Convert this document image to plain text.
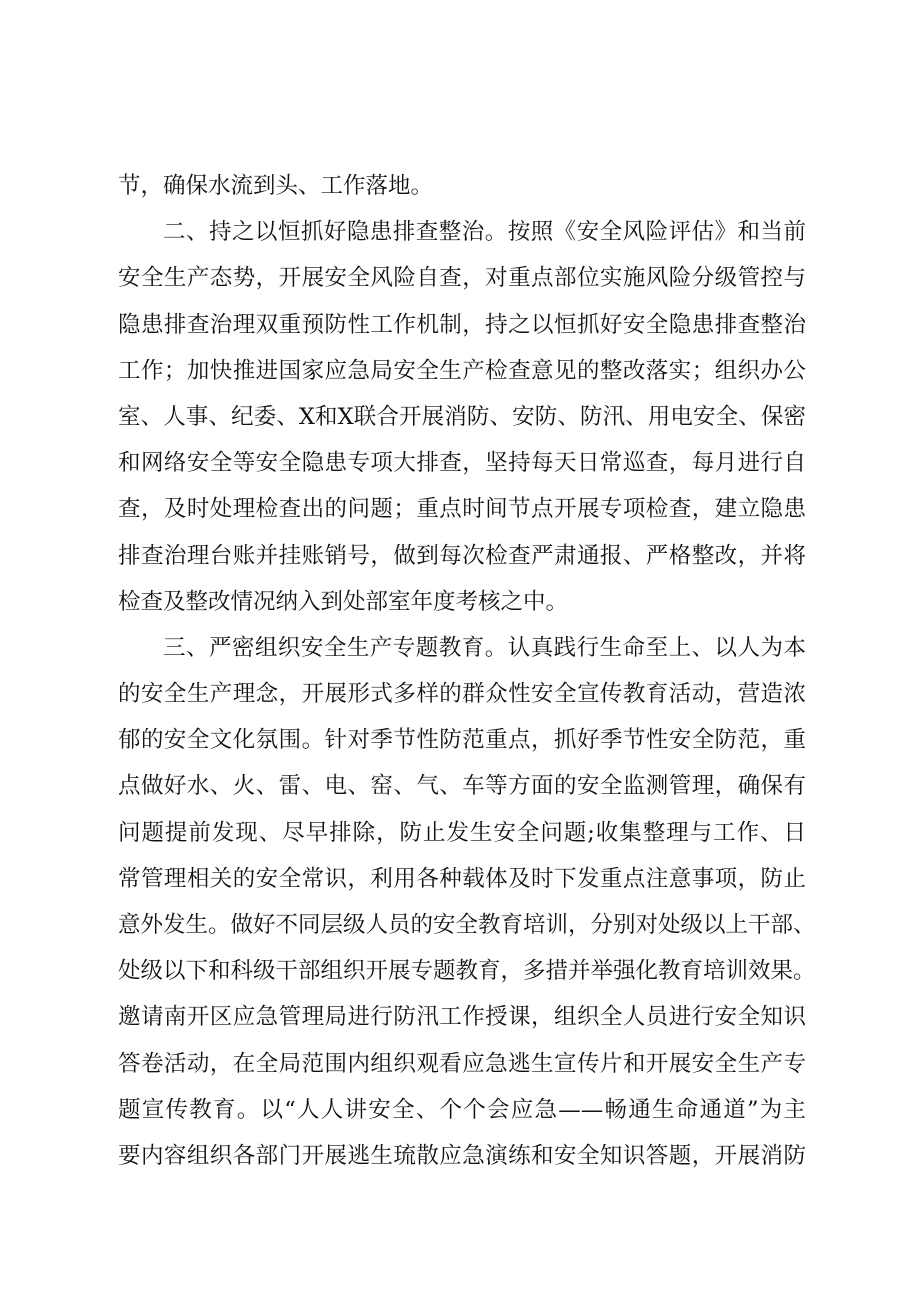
节，确保水流到头、工作落地。
二、持之以恒抓好隐患排查整治。按照《安全风险评估》和当前
安全生产态势，开展安全风险自查，对重点部位实施风险分级管控与
隐患排查治理双重预防性工作机制，持之以恒抓好安全隐患排查整治
工作；加快推进国家应急局安全生产检查意见的整改落实；组织办公
室、人事、纪委、X和X联合开展消防、安防、防汛、用电安全、保密
和网络安全等安全隐患专项大排查，坚持每天日常巡查，每月进行自
查，及时处理检查出的问题；重点时间节点开展专项检查，建立隐患
排查治理台账并挂账销号，做到每次检查严肃通报、严格整改，并将
检查及整改情况纳入到处部室年度考核之中。
三、严密组织安全生产专题教育。认真践行生命至上、以人为本
的安全生产理念，开展形式多样的群众性安全宣传教育活动，营造浓
郁的安全文化氛围。针对季节性防范重点，抓好季节性安全防范，重
点做好水、火、雷、电、窑、气、车等方面的安全监测管理，确保有
问题提前发现、尽早排除，防止发生安全问题;收集整理与工作、日
常管理相关的安全常识，利用各种载体及时下发重点注意事项，防止
意外发生。做好不同层级人员的安全教育培训，分别对处级以上干部、
处级以下和科级干部组织开展专题教育，多措并举强化教育培训效果。
邀请南开区应急管理局进行防汛工作授课，组织全人员进行安全知识
答卷活动，在全局范围内组织观看应急逃生宣传片和开展安全生产专
题宣传教育。以“人人讲安全、个个会应急——畅通生命通道”为主
要内容组织各部门开展逃生琉散应急演练和安全知识答题，开展消防
